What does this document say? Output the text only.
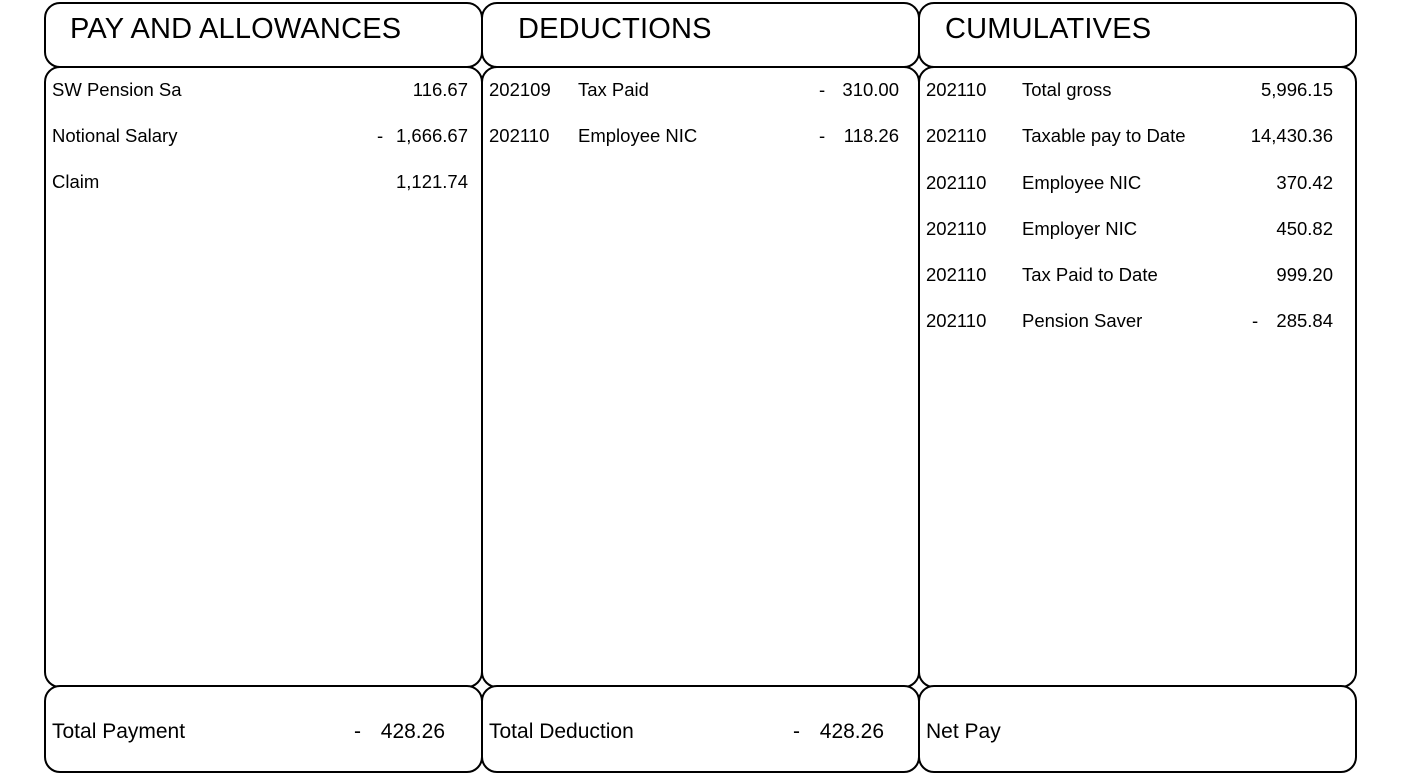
PAY AND ALLOWANCES	DEDUCTIONS	CUMULATIVES
SW Pension Sa	116.67
Notional Salary	- 1,666.67
Claim	1,121.74
202109 Tax Paid	- 310.00
202110 Employee NIC	- 118.26
202110 Total gross	5,996.15
202110 Taxable pay to Date	14,430.36
202110 Employee NIC	370.42
202110 Employer NIC	450.82
202110 Tax Paid to Date	999.20
202110 Pension Saver	- 285.84
Total Payment	- 428.26 Total Deduction	- 428.26 Net Pay
